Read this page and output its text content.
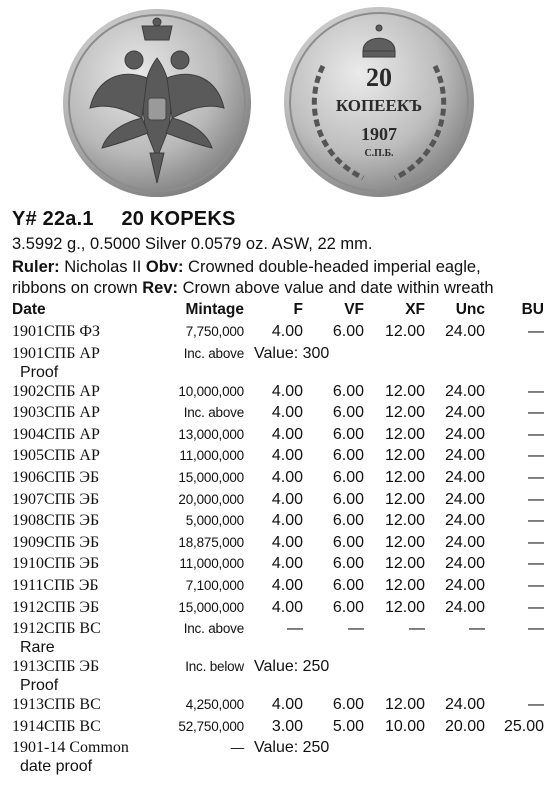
20
КОПЕЕКЪ
1907
С.П.Б.
Y# 22a.1 20 KOPEKS
3.5992 g., 0.5000 Silver 0.0579 oz. ASW, 22 mm.
Ruler: Nicholas II Obv: Crowned double-headed imperial eagle, ribbons on crown Rev: Crown above value and date within wreath
Date	Mintage	F	VF	XF	Unc	BU
1901СПБ ФЗ	7,750,000	4.00	6.00	12.00	24.00	—
1901СПБ АР
Proof	Inc. above	Value: 300				
1902СПБ АР	10,000,000	4.00	6.00	12.00	24.00	—
1903СПБ АР	Inc. above	4.00	6.00	12.00	24.00	—
1904СПБ АР	13,000,000	4.00	6.00	12.00	24.00	—
1905СПБ АР	11,000,000	4.00	6.00	12.00	24.00	—
1906СПБ ЭБ	15,000,000	4.00	6.00	12.00	24.00	—
1907СПБ ЭБ	20,000,000	4.00	6.00	12.00	24.00	—
1908СПБ ЭБ	5,000,000	4.00	6.00	12.00	24.00	—
1909СПБ ЭБ	18,875,000	4.00	6.00	12.00	24.00	—
1910СПБ ЭБ	11,000,000	4.00	6.00	12.00	24.00	—
1911СПБ ЭБ	7,100,000	4.00	6.00	12.00	24.00	—
1912СПБ ЭБ	15,000,000	4.00	6.00	12.00	24.00	—
1912СПБ ВС
Rare	Inc. above	—	—	—	—	—
1913СПБ ЭБ
Proof	Inc. below	Value: 250				
1913СПБ ВС	4,250,000	4.00	6.00	12.00	24.00	—
1914СПБ ВС	52,750,000	3.00	5.00	10.00	20.00	25.00
1901-14 Common
date proof	—	Value: 250				
